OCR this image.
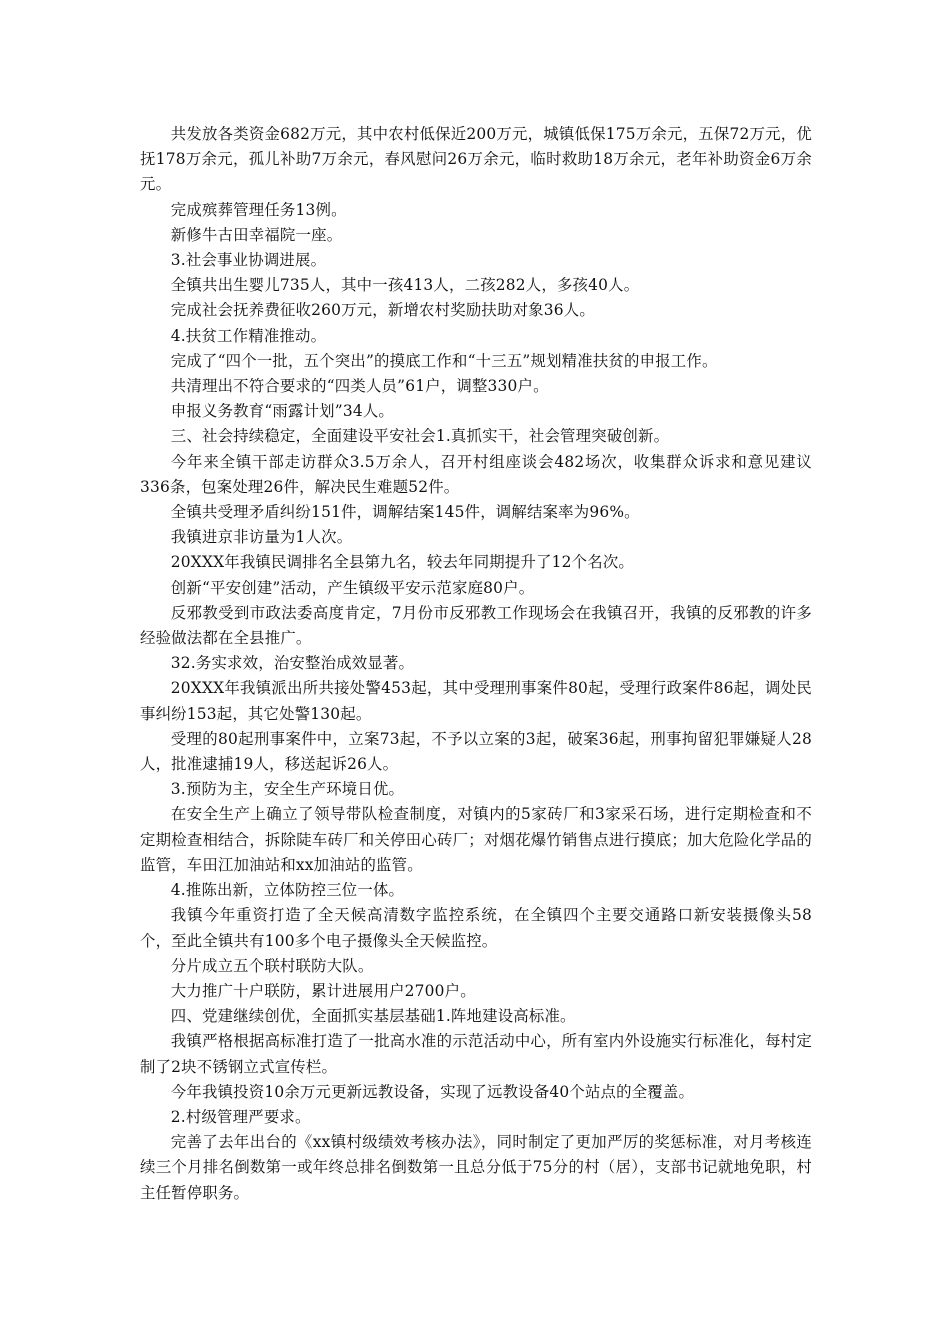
共发放各类资金682万元，其中农村低保近200万元，城镇低保175万余元，五保72万元，优抚178万余元，孤儿补助7万余元，春风慰问26万余元，临时救助18万余元，老年补助资金6万余元。

完成殡葬管理任务13例。

新修牛古田幸福院一座。

3.社会事业协调进展。

全镇共出生婴儿735人，其中一孩413人，二孩282人，多孩40人。

完成社会抚养费征收260万元，新增农村奖励扶助对象36人。

4.扶贫工作精准推动。

完成了“四个一批，五个突出”的摸底工作和“十三五”规划精准扶贫的申报工作。

共清理出不符合要求的“四类人员”61户，调整330户。

申报义务教育“雨露计划”34人。

三、社会持续稳定，全面建设平安社会1.真抓实干，社会管理突破创新。

今年来全镇干部走访群众3.5万余人，召开村组座谈会482场次，收集群众诉求和意见建议336条，包案处理26件，解决民生难题52件。

全镇共受理矛盾纠纷151件，调解结案145件，调解结案率为96%。

我镇进京非访量为1人次。

20XXX年我镇民调排名全县第九名，较去年同期提升了12个名次。

创新“平安创建”活动，产生镇级平安示范家庭80户。

反邪教受到市政法委高度肯定，7月份市反邪教工作现场会在我镇召开，我镇的反邪教的许多经验做法都在全县推广。

32.务实求效，治安整治成效显著。

20XXX年我镇派出所共接处警453起，其中受理刑事案件80起，受理行政案件86起，调处民事纠纷153起，其它处警130起。

受理的80起刑事案件中，立案73起，不予以立案的3起，破案36起，刑事拘留犯罪嫌疑人28人，批准逮捕19人，移送起诉26人。

3.预防为主，安全生产环境日优。

在安全生产上确立了领导带队检查制度，对镇内的5家砖厂和3家采石场，进行定期检查和不定期检查相结合，拆除陡车砖厂和关停田心砖厂；对烟花爆竹销售点进行摸底；加大危险化学品的监管，车田江加油站和xx加油站的监管。

4.推陈出新，立体防控三位一体。

我镇今年重资打造了全天候高清数字监控系统，在全镇四个主要交通路口新安装摄像头58个，至此全镇共有100多个电子摄像头全天候监控。

分片成立五个联村联防大队。

大力推广十户联防，累计进展用户2700户。

四、党建继续创优，全面抓实基层基础1.阵地建设高标准。

我镇严格根据高标准打造了一批高水准的示范活动中心，所有室内外设施实行标准化，每村定制了2块不锈钢立式宣传栏。

今年我镇投资10余万元更新远教设备，实现了远教设备40个站点的全覆盖。

2.村级管理严要求。

完善了去年出台的《xx镇村级绩效考核办法》，同时制定了更加严厉的奖惩标准，对月考核连续三个月排名倒数第一或年终总排名倒数第一且总分低于75分的村（居），支部书记就地免职，村主任暂停职务。
